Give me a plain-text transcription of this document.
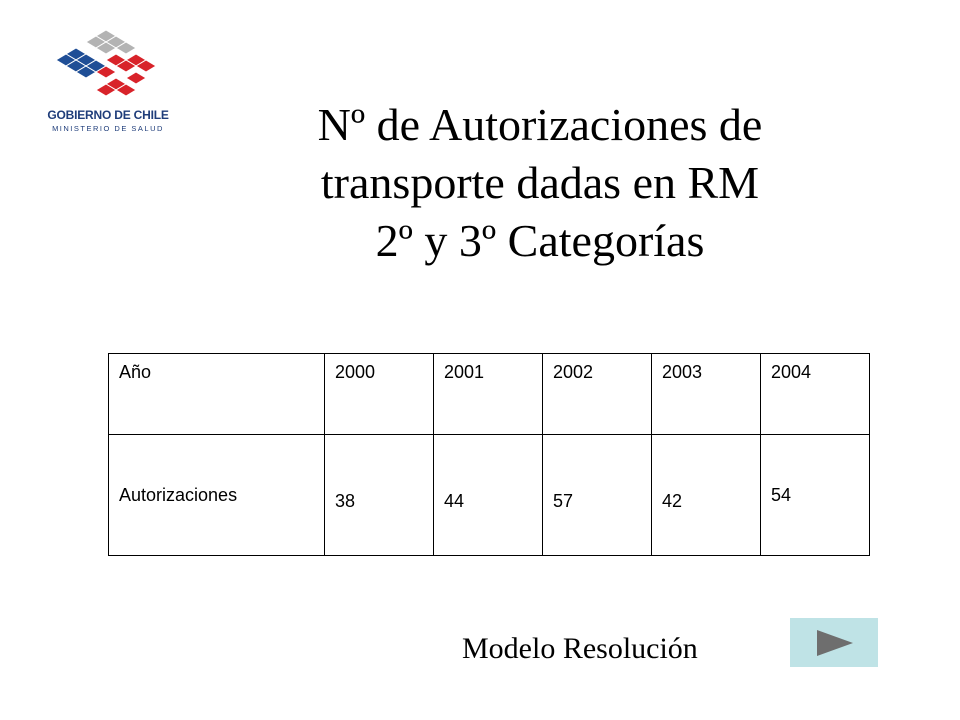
GOBIERNO DE CHILE
MINISTERIO DE SALUD	Nº de Autorizaciones de
transporte dadas en RM
2º y 3º Categorías
Año	2000	2001	2002	2003	2004
Autorizaciones	38	44	57	42	54
Modelo Resolución
